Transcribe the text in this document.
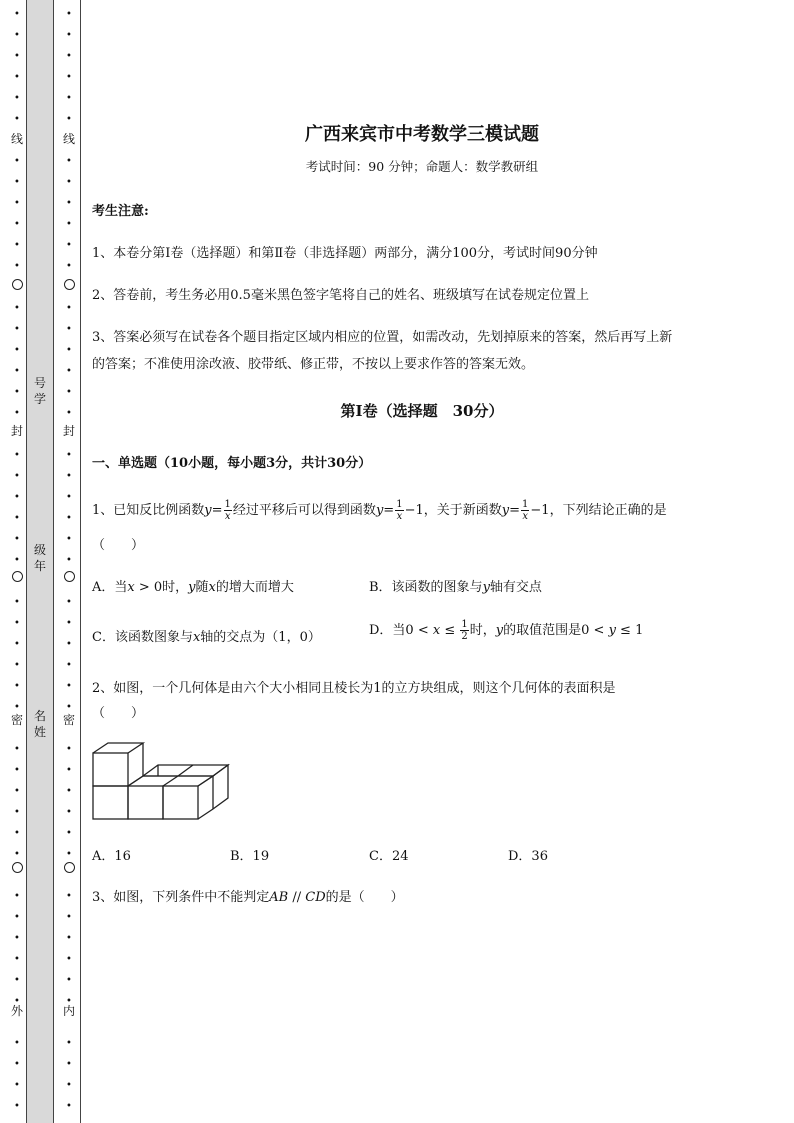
•
•
•
•
•
•
•
•
•
•
•
•
•
•
•
•
•
•
•
•
•
•
•
•
•
•
•
•
•
•
•
•
•
•
•
•
•
•
•
•
•
•
•
•
•
•
线
封
密
外
号学
级年
名姓
•
•
•
•
•
•
•
•
•
•
•
•
•
•
•
•
•
•
•
•
•
•
•
•
•
•
•
•
•
•
•
•
•
•
•
•
•
•
•
•
•
•
•
•
•
•
线
封
密
内
广西来宾市中考数学三模试题
考试时间：90 分钟；命题人：数学教研组
考生注意:
1、本卷分第Ⅰ卷（选择题）和第Ⅱ卷（非选择题）两部分，满分100分，考试时间90分钟
2、答卷前，考生务必用0.5毫米黑色签字笔将自己的姓名、班级填写在试卷规定位置上
3、答案必须写在试卷各个题目指定区域内相应的位置，如需改动，先划掉原来的答案，然后再写上新
的答案；不准使用涂改液、胶带纸、修正带，不按以上要求作答的答案无效。
第Ⅰ卷（选择题　30分）
一、单选题（10小题，每小题3分，共计30分）
1、已知反比例函数$y= \frac{1}{x}$ 经过平移后可以得到函数$y= \frac{1}{x} -1$，关于新函数$y= \frac{1}{x} -1$，下列结论正确的是
（　　）
A．当x > 0时，y随x的增大而增大	B．该函数的图象与y轴有交点
C．该函数图象与x轴的交点为（1，0）	D．当$0 < x \le \frac{1}{2}$ 时，y的取值范围是0 < y ≤ 1
2、如图，一个几何体是由六个大小相同且棱长为1的立方块组成，则这个几何体的表面积是
（　　）
A．16	B．19	C．24	D．36
3、如图，下列条件中不能判定AB // CD的是（　　）
